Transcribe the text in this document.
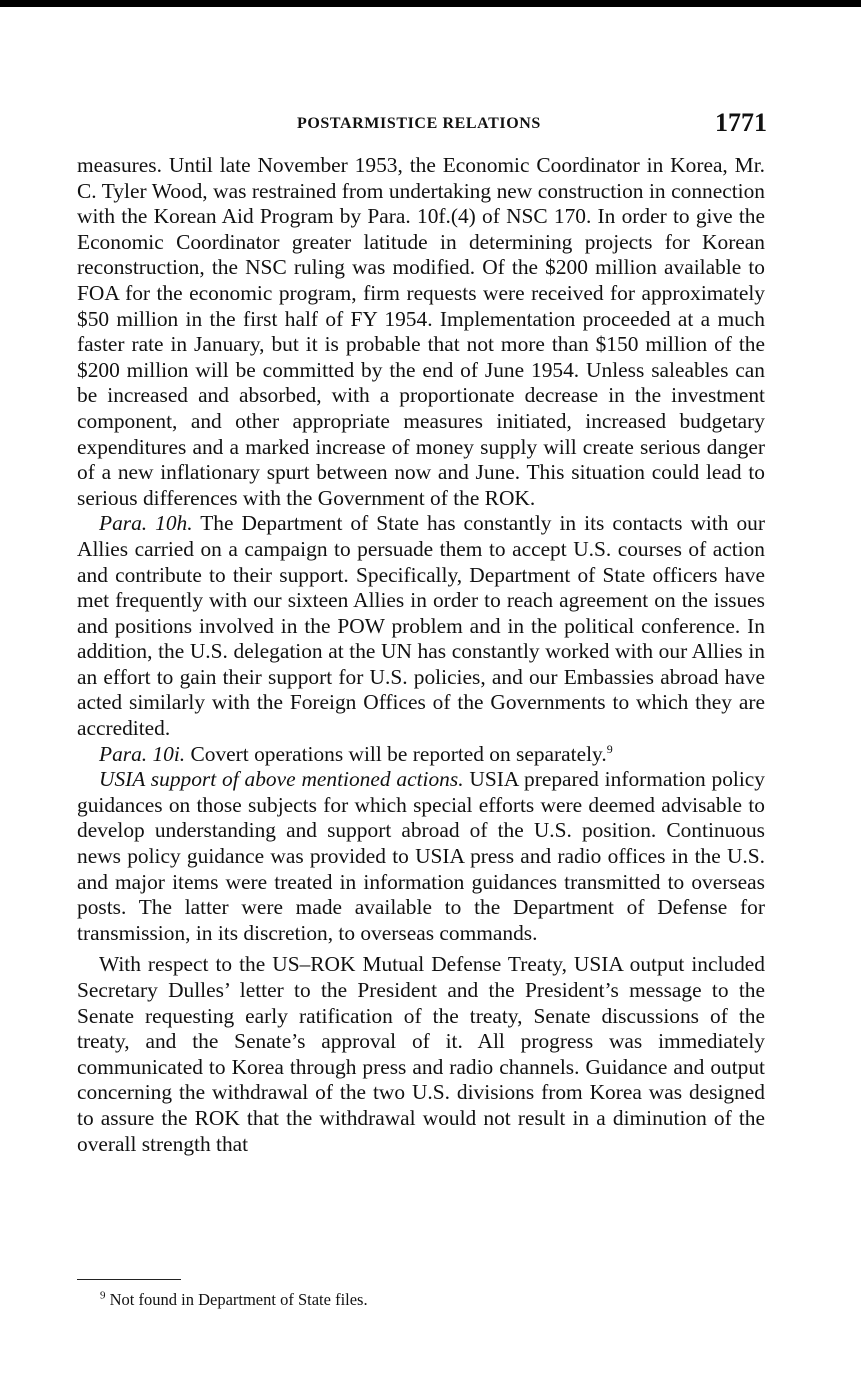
POSTARMISTICE RELATIONS	1771

measures. Until late November 1953, the Economic Coordinator in Korea, Mr. C. Tyler Wood, was restrained from undertaking new construction in connection with the Korean Aid Program by Para. 10f.(4) of NSC 170. In order to give the Economic Coordinator greater latitude in determining projects for Korean reconstruction, the NSC ruling was modified. Of the $200 million available to FOA for the economic program, firm requests were received for approximately $50 million in the first half of FY 1954. Implementation proceeded at a much faster rate in January, but it is probable that not more than $150 million of the $200 million will be committed by the end of June 1954. Unless saleables can be increased and absorbed, with a proportionate decrease in the investment component, and other appropriate measures initiated, increased budgetary expenditures and a marked increase of money supply will create serious danger of a new inflationary spurt between now and June. This situation could lead to serious differences with the Government of the ROK.

Para. 10h. The Department of State has constantly in its contacts with our Allies carried on a campaign to persuade them to accept U.S. courses of action and contribute to their support. Specifically, Department of State officers have met frequently with our sixteen Allies in order to reach agreement on the issues and positions involved in the POW problem and in the political conference. In addition, the U.S. delegation at the UN has constantly worked with our Allies in an effort to gain their support for U.S. policies, and our Embassies abroad have acted similarly with the Foreign Offices of the Governments to which they are accredited.

Para. 10i. Covert operations will be reported on separately.$^9$

USIA support of above mentioned actions. USIA prepared information policy guidances on those subjects for which special efforts were deemed advisable to develop understanding and support abroad of the U.S. position. Continuous news policy guidance was provided to USIA press and radio offices in the U.S. and major items were treated in information guidances transmitted to overseas posts. The latter were made available to the Department of Defense for transmission, in its discretion, to overseas commands.

With respect to the US–ROK Mutual Defense Treaty, USIA output included Secretary Dulles’ letter to the President and the President’s message to the Senate requesting early ratification of the treaty, Senate discussions of the treaty, and the Senate’s approval of it. All progress was immediately communicated to Korea through press and radio channels. Guidance and output concerning the withdrawal of the two U.S. divisions from Korea was designed to assure the ROK that the withdrawal would not result in a diminution of the overall strength that

$^9$ Not found in Department of State files.
